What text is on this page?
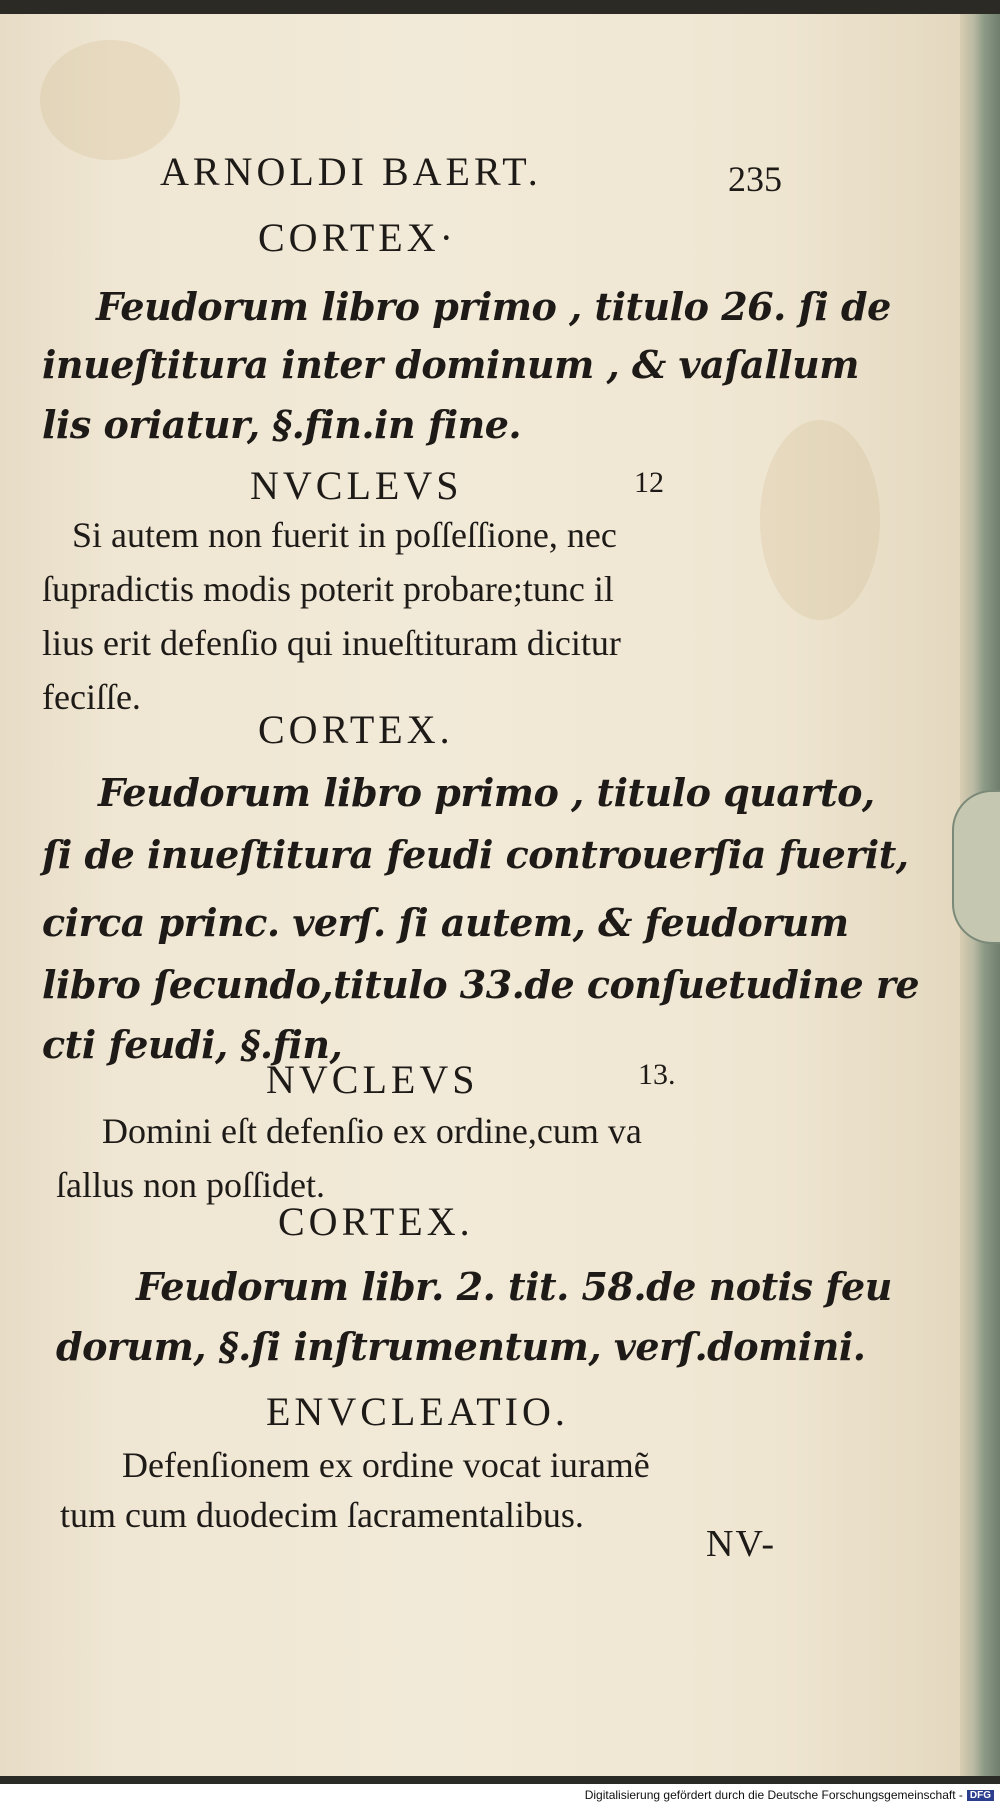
ARNOLDI BAERT.	235
CORTEX·
Feudorum libro primo , titulo 26. ſi de
inueſtitura inter dominum , & vaſallum
lis oriatur, §.fin.in fine.
NVCLEVS	12
Si autem non fuerit in poſſeſſione, nec
ſupradictis modis poterit probare;tunc il
lius erit defenſio qui inueſtituram dicitur
feciſſe.
CORTEX.
Feudorum libro primo , titulo quarto,
ſi de inueſtitura feudi controuerſia fuerit,
circa princ. verſ. ſi autem, & feudorum
libro ſecundo,titulo 33.de conſuetudine re
cti feudi, §.fin,
NVCLEVS	13.
Domini eſt defenſio ex ordine,cum va
ſallus non poſſidet.
CORTEX.
Feudorum libr. 2. tit. 58.de notis feu
dorum, §.ſi inſtrumentum, verſ.domini.
ENVCLEATIO.
Defenſionem ex ordine vocat iuramẽ
tum cum duodecim ſacramentalibus.
NV-
Digitalisierung gefördert durch die Deutsche Forschungsgemeinschaft - DFG
